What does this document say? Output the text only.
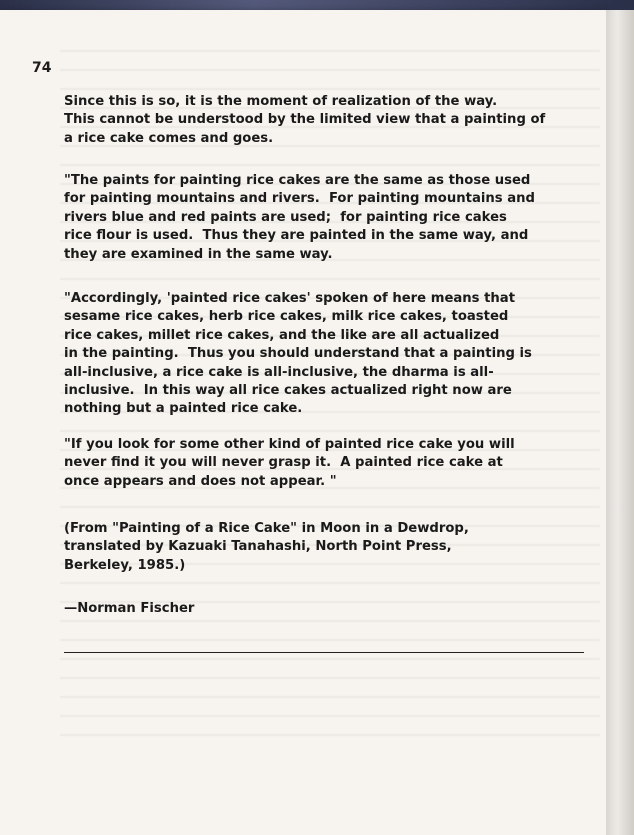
74
Since this is so, it is the moment of realization of the way.
This cannot be understood by the limited view that a painting of
a rice cake comes and goes.
"The paints for painting rice cakes are the same as those used
for painting mountains and rivers.  For painting mountains and
rivers blue and red paints are used;  for painting rice cakes
rice flour is used.  Thus they are painted in the same way, and
they are examined in the same way.
"Accordingly, 'painted rice cakes' spoken of here means that
sesame rice cakes, herb rice cakes, milk rice cakes, toasted
rice cakes, millet rice cakes, and the like are all actualized
in the painting.  Thus you should understand that a painting is
all-inclusive, a rice cake is all-inclusive, the dharma is all-
inclusive.  In this way all rice cakes actualized right now are
nothing but a painted rice cake.
"If you look for some other kind of painted rice cake you will
never find it you will never grasp it.  A painted rice cake at
once appears and does not appear. "
(From "Painting of a Rice Cake" in Moon in a Dewdrop,
translated by Kazuaki Tanahashi, North Point Press,
Berkeley, 1985.)
—Norman Fischer
